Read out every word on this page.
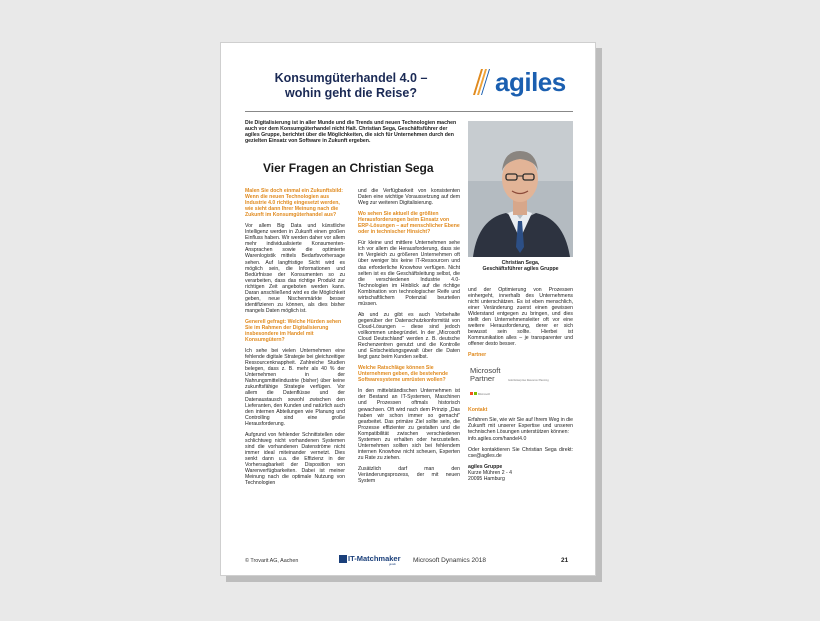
Konsumgüterhandel 4.0 – wohin geht die Reise?	agiles
Die Digitalisierung ist in aller Munde und die Trends und neuen Technologien machen auch vor dem Konsumgüterhandel nicht Halt. Christian Sega, Geschäftsführer der agiles Gruppe, berichtet über die Möglichkeiten, die sich für Unternehmen durch den gezielten Einsatz von Software in Zukunft ergeben.
Vier Fragen an Christian Sega
Christian Sega,
Geschäftsführer agiles Gruppe

Malen Sie doch einmal ein Zukunftsbild: Wenn die neuen Technologien aus Industrie 4.0 richtig eingesetzt werden, wie sieht dann Ihrer Meinung nach die Zukunft im Konsumgüterhandel aus?

Vor allem Big Data und künstliche Intelligenz werden in Zukunft einen großen Einfluss haben. Wir werden daher vor allem mehr individualisierte Konsumenten-Ansprachen sowie die optimierte Warenlogistik mittels Bedarfsvorhersage sehen. Auf langfristige Sicht wird es möglich sein, die Informationen und Bedürfnisse der Konsumenten so zu verarbeiten, dass das richtige Produkt zur richtigen Zeit angeboten werden kann. Daran anschließend wird es die Möglichkeit geben, neue Nischenmärkte besser identifizieren zu können, als dies bisher mangels Daten möglich ist.

Generell gefragt: Welche Hürden sehen Sie im Rahmen der Digitalisierung insbesondere im Handel mit Konsumgütern?

Ich sehe bei vielen Unternehmen eine fehlende digitale Strategie bei gleichzeitiger Ressourcenknappheit. Zahlreiche Studien belegen, dass z. B. mehr als 40 % der Unternehmen in der Nahrungsmittelindustrie (bisher) über keine zukunftsfähige Strategie verfügen. Vor allem die Datenflüsse und der Datenaustausch sowohl zwischen den Lieferanten, den Kunden und natürlich auch den internen Abteilungen wie Planung und Controlling sind eine große Herausforderung.

Aufgrund von fehlender Schnittstellen oder schlichtweg nicht vorhandenen Systemen sind die vorhandenen Datenströme nicht immer ideal miteinander vernetzt. Dies senkt dann u.a. die Effizienz in der Vorhersagbarkeit der Disposition von Warenverfügbarkeiten. Dabei ist meiner Meinung nach die optimale Nutzung von Technologien

und die Verfügbarkeit von konsistenten Daten eine wichtige Voraussetzung auf dem Weg zur weiteren Digitalisierung.

Wo sehen Sie aktuell die größten Herausforderungen beim Einsatz von ERP-Lösungen – auf menschlicher Ebene oder in technischer Hinsicht?

Für kleine und mittlere Unternehmen sehe ich vor allem die Herausforderung, dass sie im Vergleich zu größeren Unternehmen oft über weniger bis keine IT-Ressourcen und das erforderliche Knowhow verfügen. Nicht selten ist es die Geschäftsleitung selbst, die die verschiedenen Industrie 4.0-Technologien im Hinblick auf die richtige Kombination von technologischer Reife und wirtschaftlichem Potenzial beurteilen müssen.

Ab und zu gibt es auch Vorbehalte gegenüber der Datenschutzkonformität von Cloud-Lösungen – diese sind jedoch vollkommen unbegründet. In der „Microsoft Cloud Deutschland" werden z. B. deutsche Rechenzentren genutzt und die Kontrolle und Entscheidungsgewalt über die Daten liegt ganz beim Kunden selbst.

Welche Ratschläge können Sie Unternehmen geben, die bestehende Softwaresysteme umrüsten wollen?

In den mittelständischen Unternehmen ist der Bestand an IT-Systemen, Maschinen und Prozessen oftmals historisch gewachsen. Oft wird nach dem Prinzip „Das haben wir schon immer so gemacht" gearbeitet. Das primäre Ziel sollte sein, die Prozesse effizienter zu gestalten und die Kompatibilität zwischen verschiedenen Systemen zu erhalten oder herzustellen. Unternehmen sollten sich bei fehlendem internen Knowhow nicht scheuen, Experten zu Rate zu ziehen.

Zusätzlich darf man den Veränderungsprozess, der mit neuen System

und der Optimierung von Prozessen einhergeht, innerhalb des Unternehmens nicht unterschätzen. Es ist eben menschlich, einer Veränderung zuerst einen gewissen Widerstand entgegen zu bringen, und dies stellt den Unternehmensleiter oft vor eine weitere Herausforderung, derer er sich bewusst sein sollte. Hierbei ist Kommunikation alles – je transparenter und offener desto besser.

Partner
Microsoft
Partner	Gold Enterprise Resource Planning
Microsoft
Kontakt

Erfahren Sie, wie wir Sie auf Ihrem Weg in die Zukunft mit unserer Expertise und unseren technischen Lösungen unterstützen können:

info.agiles.com/handel4.0

Oder kontaktieren Sie Christian Sega direkt: cse@agiles.de

agiles Gruppe
Kurze Mühren 2 - 4
20095 Hamburg
© Trovarit AG, Aachen	IT-Matchmaker
guide	Microsoft Dynamics 2018	21
